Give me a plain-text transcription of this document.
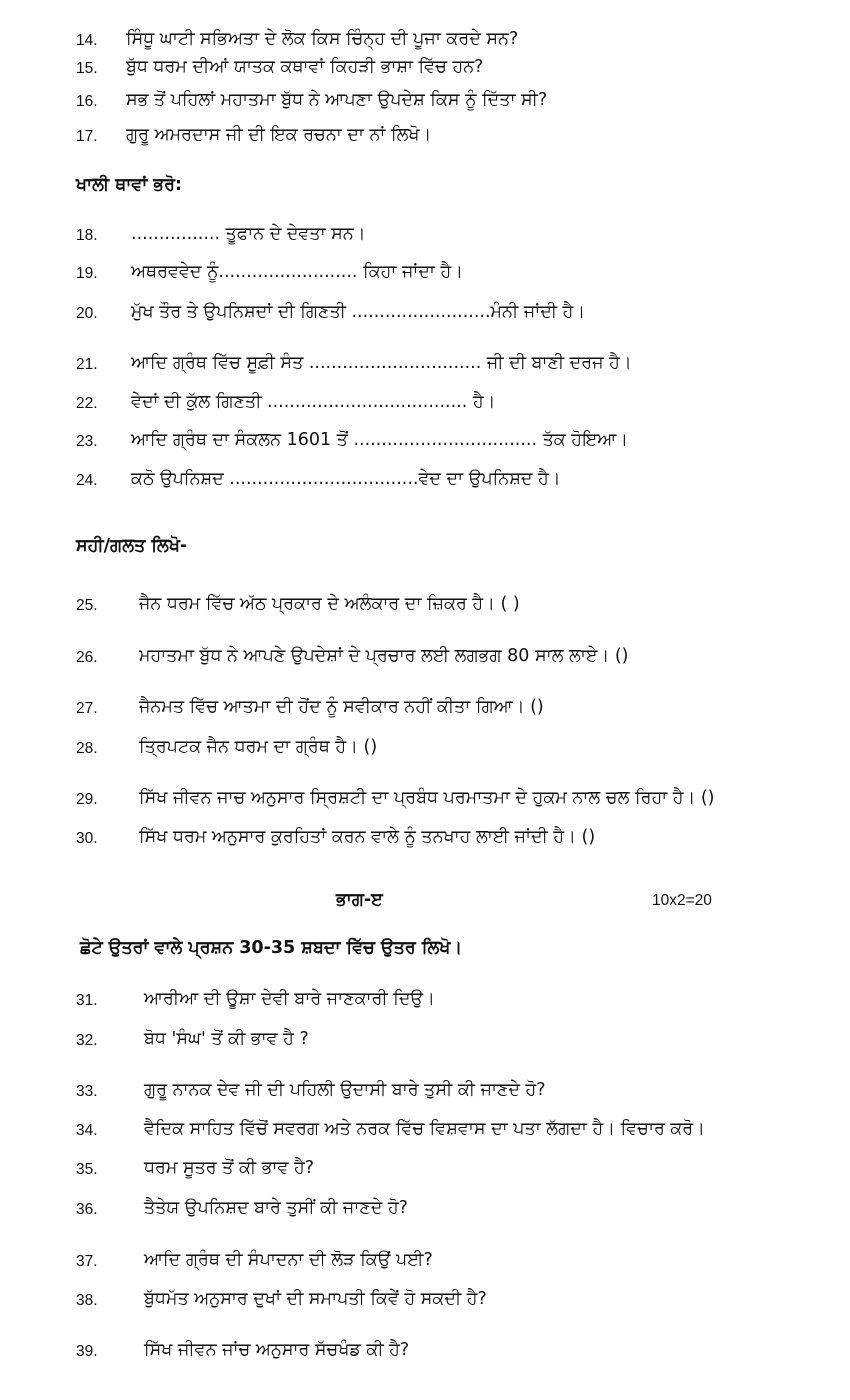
14. ਸਿੰਧੂ ਘਾਟੀ ਸਭਿਅਤਾ ਦੇ ਲੋਕ ਕਿਸ ਚਿੰਨ੍ਹ ਦੀ ਪੂਜਾ ਕਰਦੇ ਸਨ?
15. ਬੁੱਧ ਧਰਮ ਦੀਆਂ ਯਾਤਕ ਕਥਾਵਾਂ ਕਿਹੜੀ ਭਾਸ਼ਾ ਵਿੱਚ ਹਨ?
16. ਸਭ ਤੋਂ ਪਹਿਲਾਂ ਮਹਾਤਮਾ ਬੁੱਧ ਨੇ ਆਪਣਾ ਉਪਦੇਸ਼ ਕਿਸ ਨੂੰ ਦਿੱਤਾ ਸੀ?
17. ਗੁਰੂ ਅਮਰਦਾਸ ਜੀ ਦੀ ਇਕ ਰਚਨਾ ਦਾ ਨਾਂ ਲਿਖੋ।
ਖਾਲੀ ਥਾਵਾਂ ਭਰੋ:
18. ................ ਤੂਫਾਨ ਦੇ ਦੇਵਤਾ ਸਨ।
19. ਅਥਰਵਵੇਦ ਨੂੰ......................... ਕਿਹਾ ਜਾਂਦਾ ਹੈ।
20. ਮੁੱਖ ਤੌਰ ਤੇ ਉਪਨਿਸ਼ਦਾਂ ਦੀ ਗਿਣਤੀ .........................ਮੰਨੀ ਜਾਂਦੀ ਹੈ।
21. ਆਦਿ ਗ੍ਰੰਥ ਵਿੱਚ ਸੂਫ਼ੀ ਸੰਤ ............................... ਜੀ ਦੀ ਬਾਣੀ ਦਰਜ ਹੈ।
22. ਵੇਦਾਂ ਦੀ ਕੁੱਲ ਗਿਣਤੀ .................................... ਹੈ।
23. ਆਦਿ ਗ੍ਰੰਥ ਦਾ ਸੰਕਲਨ 1601 ਤੋਂ ................................. ਤੱਕ ਹੋਇਆ।
24. ਕਠੋ ਉਪਨਿਸ਼ਦ ..................................ਵੇਦ ਦਾ ਉਪਨਿਸ਼ਦ ਹੈ।
ਸਹੀ/ਗਲਤ ਲਿਖੋ-
25. ਜੈਨ ਧਰਮ ਵਿੱਚ ਅੱਠ ਪ੍ਰਕਾਰ ਦੇ ਅਲੰਕਾਰ ਦਾ ਜ਼ਿਕਰ ਹੈ। ( )
26. ਮਹਾਤਮਾ ਬੁੱਧ ਨੇ ਆਪਣੇ ਉਪਦੇਸ਼ਾਂ ਦੇ ਪ੍ਰਚਾਰ ਲਈ ਲਗਭਗ 80 ਸਾਲ ਲਾਏ। ()
27. ਜੈਨਮਤ ਵਿੱਚ ਆਤਮਾ ਦੀ ਹੋਂਦ ਨੂੰ ਸਵੀਕਾਰ ਨਹੀਂ ਕੀਤਾ ਗਿਆ। ()
28. ਤ੍ਰਿਪਟਕ ਜੈਨ ਧਰਮ ਦਾ ਗ੍ਰੰਥ ਹੈ। ()
29. ਸਿੱਖ ਜੀਵਨ ਜਾਚ ਅਨੁਸਾਰ ਸ੍ਰਿਸ਼ਟੀ ਦਾ ਪ੍ਰਬੰਧ ਪਰਮਾਤਮਾ ਦੇ ਹੁਕਮ ਨਾਲ ਚਲ ਰਿਹਾ ਹੈ। ()
30. ਸਿੱਖ ਧਰਮ ਅਨੁਸਾਰ ਕੁਰਹਿਤਾਂ ਕਰਨ ਵਾਲੇ ਨੂੰ ਤਨਖਾਹ ਲਾਈ ਜਾਂਦੀ ਹੈ। ()
ਭਾਗ-ੲ	10x2=20
ਛੋਟੇ ਉਤਰਾਂ ਵਾਲੇ ਪ੍ਰਸ਼ਨ 30-35 ਸ਼ਬਦਾ ਵਿੱਚ ਉਤਰ ਲਿਖੋ।
31.	ਆਰੀਆ ਦੀ ਊਸ਼ਾ ਦੇਵੀ ਬਾਰੇ ਜਾਣਕਾਰੀ ਦਿਉ।
32.	ਬੋਧ 'ਸੰਘ' ਤੋਂ ਕੀ ਭਾਵ ਹੈ ?
33.	ਗੁਰੂ ਨਾਨਕ ਦੇਵ ਜੀ ਦੀ ਪਹਿਲੀ ਉਦਾਸੀ ਬਾਰੇ ਤੁਸੀ ਕੀ ਜਾਣਦੇ ਹੋ?
34.	ਵੈਦਿਕ ਸਾਹਿਤ ਵਿੱਚੋਂ ਸਵਰਗ ਅਤੇ ਨਰਕ ਵਿੱਚ ਵਿਸ਼ਵਾਸ ਦਾ ਪਤਾ ਲੱਗਦਾ ਹੈ। ਵਿਚਾਰ ਕਰੋ।
35.	ਧਰਮ ਸੂਤਰ ਤੋਂ ਕੀ ਭਾਵ ਹੈ?
36.	ਤੈਤੇਯ ਉਪਨਿਸ਼ਦ ਬਾਰੇ ਤੁਸੀਂ ਕੀ ਜਾਣਦੇ ਹੋ?
37.	ਆਦਿ ਗ੍ਰੰਥ ਦੀ ਸੰਪਾਦਨਾ ਦੀ ਲੋੜ ਕਿਉਂ ਪਈ?
38.	ਬੁੱਧਮੱਤ ਅਨੁਸਾਰ ਦੁਖਾਂ ਦੀ ਸਮਾਪਤੀ ਕਿਵੇਂ ਹੋ ਸਕਦੀ ਹੈ?
39.	ਸਿੱਖ ਜੀਵਨ ਜਾਂਚ ਅਨੁਸਾਰ ਸੱਚਖੰਡ ਕੀ ਹੈ?
